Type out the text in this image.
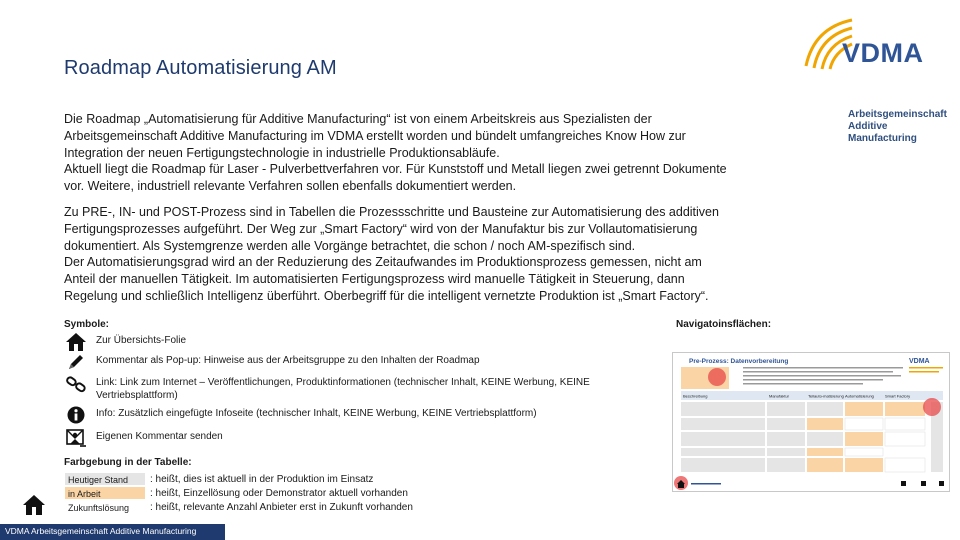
Roadmap Automatisierung AM	VDMA
Arbeitsgemeinschaft
Additive Manufacturing

Die Roadmap „Automatisierung für Additive Manufacturing“ ist von einem Arbeitskreis aus Spezialisten der

Arbeitsgemeinschaft Additive Manufacturing im VDMA erstellt worden und bündelt umfangreiches Know How zur

Integration der neuen Fertigungstechnologie in industrielle Produktionsabläufe.

Aktuell liegt die Roadmap für Laser - Pulverbettverfahren vor. Für Kunststoff und Metall liegen zwei getrennt Dokumente

vor. Weitere, industriell relevante Verfahren sollen ebenfalls dokumentiert werden.

Zu PRE-, IN- und POST-Prozess sind in Tabellen die Prozessschritte und Bausteine zur Automatisierung des additiven

Fertigungsprozesses aufgeführt. Der Weg zur „Smart Factory“ wird von der Manufaktur bis zur Vollautomatisierung

dokumentiert. Als Systemgrenze werden alle Vorgänge betrachtet, die schon / noch AM-spezifisch sind.

Der Automatisierungsgrad wird an der Reduzierung des Zeitaufwandes im Produktionsprozess gemessen, nicht am

Anteil der manuellen Tätigkeit. Im automatisierten Fertigungsprozess wird manuelle Tätigkeit in Steuerung, dann

Regelung und schließlich Intelligenz überführt. Oberbegriff für die intelligent vernetzte Produktion ist „Smart Factory“.

Symbole:	Navigatoinsflächen:
Zur Übersichts-Folie
Kommentar als Pop-up: Hinweise aus der Arbeitsgruppe zu den Inhalten der Roadmap
Link: Link zum Internet – Veröffentlichungen, Produktinformationen (technischer Inhalt, KEINE Werbung, KEINE
Vertriebsplattform)
Info: Zusätzlich eingefügte Infoseite (technischer Inhalt, KEINE Werbung, KEINE Vertriebsplattform)
Eigenen Kommentar senden
Farbgebung in der Tabelle:
Heutiger Stand	: heißt, dies ist aktuell in der Produktion im Einsatz
in Arbeit	: heißt, Einzellösung oder Demonstrator aktuell vorhanden
Zukunftslösung	: heißt, relevante Anzahl Anbieter erst in Zukunft vorhanden
Pre-Prozess: Datenvorbereitung	VDMA
Beschreibung	Manufaktur	Teilauto-matisierung Automatisierung	Smart Factory
VDMA Arbeitsgemeinschaft Additive Manufacturing
